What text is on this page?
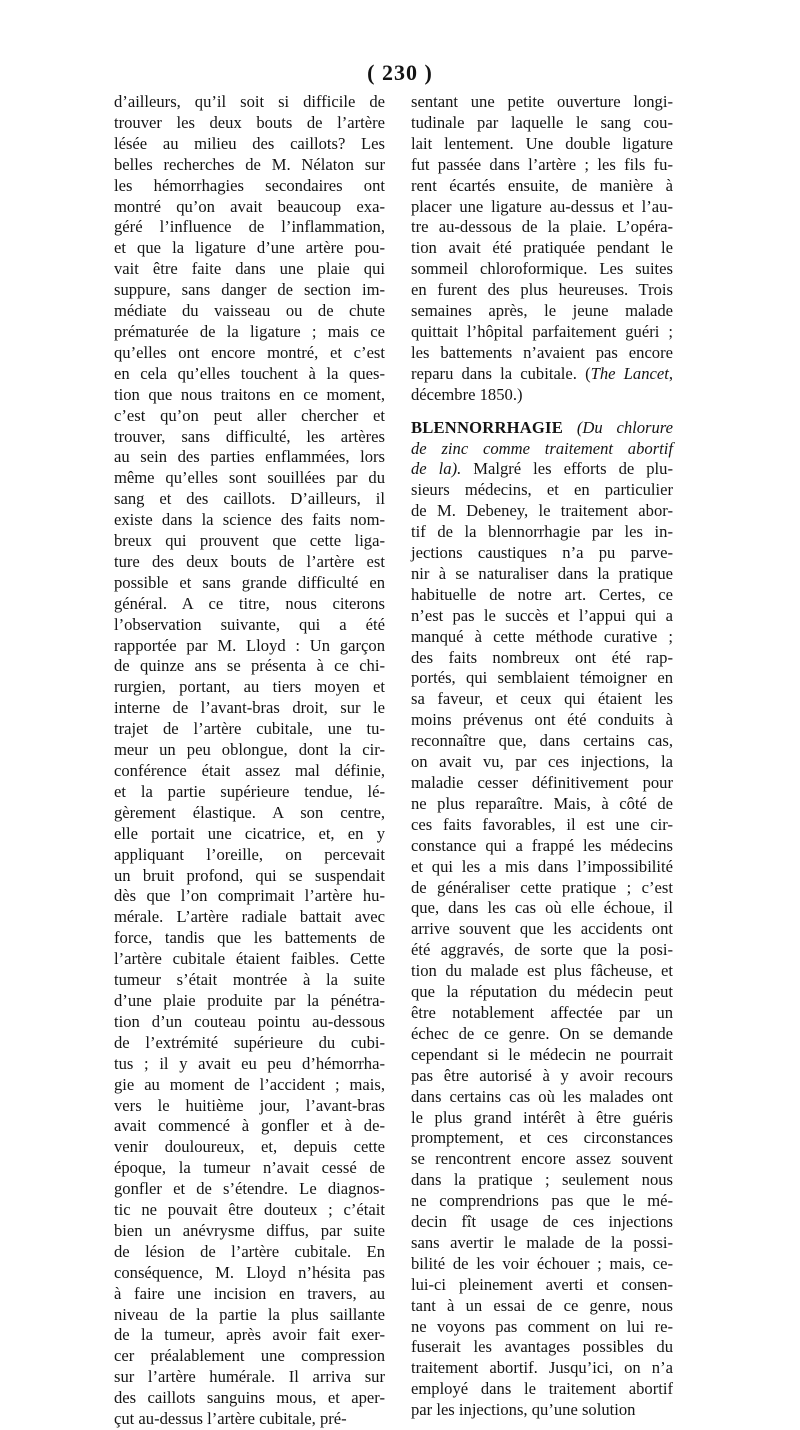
( 230 )
d’ailleurs, qu’il soit si difficile de
trouver les deux bouts de l’artère
lésée au milieu des caillots? Les
belles recherches de M. Nélaton sur
les hémorrhagies secondaires ont
montré qu’on avait beaucoup exa-
géré l’influence de l’inflammation,
et que la ligature d’une artère pou-
vait être faite dans une plaie qui
suppure, sans danger de section im-
médiate du vaisseau ou de chute
prématurée de la ligature ; mais ce
qu’elles ont encore montré, et c’est
en cela qu’elles touchent à la ques-
tion que nous traitons en ce moment,
c’est qu’on peut aller chercher et
trouver, sans difficulté, les artères
au sein des parties enflammées, lors
même qu’elles sont souillées par du
sang et des caillots. D’ailleurs, il
existe dans la science des faits nom-
breux qui prouvent que cette liga-
ture des deux bouts de l’artère est
possible et sans grande difficulté en
général. A ce titre, nous citerons
l’observation suivante, qui a été
rapportée par M. Lloyd : Un garçon
de quinze ans se présenta à ce chi-
rurgien, portant, au tiers moyen et
interne de l’avant-bras droit, sur le
trajet de l’artère cubitale, une tu-
meur un peu oblongue, dont la cir-
conférence était assez mal définie,
et la partie supérieure tendue, lé-
gèrement élastique. A son centre,
elle portait une cicatrice, et, en y
appliquant l’oreille, on percevait
un bruit profond, qui se suspendait
dès que l’on comprimait l’artère hu-
mérale. L’artère radiale battait avec
force, tandis que les battements de
l’artère cubitale étaient faibles. Cette
tumeur s’était montrée à la suite
d’une plaie produite par la pénétra-
tion d’un couteau pointu au-dessous
de l’extrémité supérieure du cubi-
tus ; il y avait eu peu d’hémorrha-
gie au moment de l’accident ; mais,
vers le huitième jour, l’avant-bras
avait commencé à gonfler et à de-
venir douloureux, et, depuis cette
époque, la tumeur n’avait cessé de
gonfler et de s’étendre. Le diagnos-
tic ne pouvait être douteux ; c’était
bien un anévrysme diffus, par suite
de lésion de l’artère cubitale. En
conséquence, M. Lloyd n’hésita pas
à faire une incision en travers, au
niveau de la partie la plus saillante
de la tumeur, après avoir fait exer-
cer préalablement une compression
sur l’artère humérale. Il arriva sur
des caillots sanguins mous, et aper-
çut au-dessus l’artère cubitale, pré-
sentant une petite ouverture longi-
tudinale par laquelle le sang cou-
lait lentement. Une double ligature
fut passée dans l’artère ; les fils fu-
rent écartés ensuite, de manière à
placer une ligature au-dessus et l’au-
tre au-dessous de la plaie. L’opéra-
tion avait été pratiquée pendant le
sommeil chloroformique. Les suites
en furent des plus heureuses. Trois
semaines après, le jeune malade
quittait l’hôpital parfaitement guéri ;
les battements n’avaient pas encore
reparu dans la cubitale. (The Lancet,
décembre 1850.)
BLENNORRHAGIE (Du chlorure
de zinc comme traitement abortif
de la). Malgré les efforts de plu-
sieurs médecins, et en particulier
de M. Debeney, le traitement abor-
tif de la blennorrhagie par les in-
jections caustiques n’a pu parve-
nir à se naturaliser dans la pratique
habituelle de notre art. Certes, ce
n’est pas le succès et l’appui qui a
manqué à cette méthode curative ;
des faits nombreux ont été rap-
portés, qui semblaient témoigner en
sa faveur, et ceux qui étaient les
moins prévenus ont été conduits à
reconnaître que, dans certains cas,
on avait vu, par ces injections, la
maladie cesser définitivement pour
ne plus reparaître. Mais, à côté de
ces faits favorables, il est une cir-
constance qui a frappé les médecins
et qui les a mis dans l’impossibilité
de généraliser cette pratique ; c’est
que, dans les cas où elle échoue, il
arrive souvent que les accidents ont
été aggravés, de sorte que la posi-
tion du malade est plus fâcheuse, et
que la réputation du médecin peut
être notablement affectée par un
échec de ce genre. On se demande
cependant si le médecin ne pourrait
pas être autorisé à y avoir recours
dans certains cas où les malades ont
le plus grand intérêt à être guéris
promptement, et ces circonstances
se rencontrent encore assez souvent
dans la pratique ; seulement nous
ne comprendrions pas que le mé-
decin fît usage de ces injections
sans avertir le malade de la possi-
bilité de les voir échouer ; mais, ce-
lui-ci pleinement averti et consen-
tant à un essai de ce genre, nous
ne voyons pas comment on lui re-
fuserait les avantages possibles du
traitement abortif. Jusqu’ici, on n’a
employé dans le traitement abortif
par les injections, qu’une solution
